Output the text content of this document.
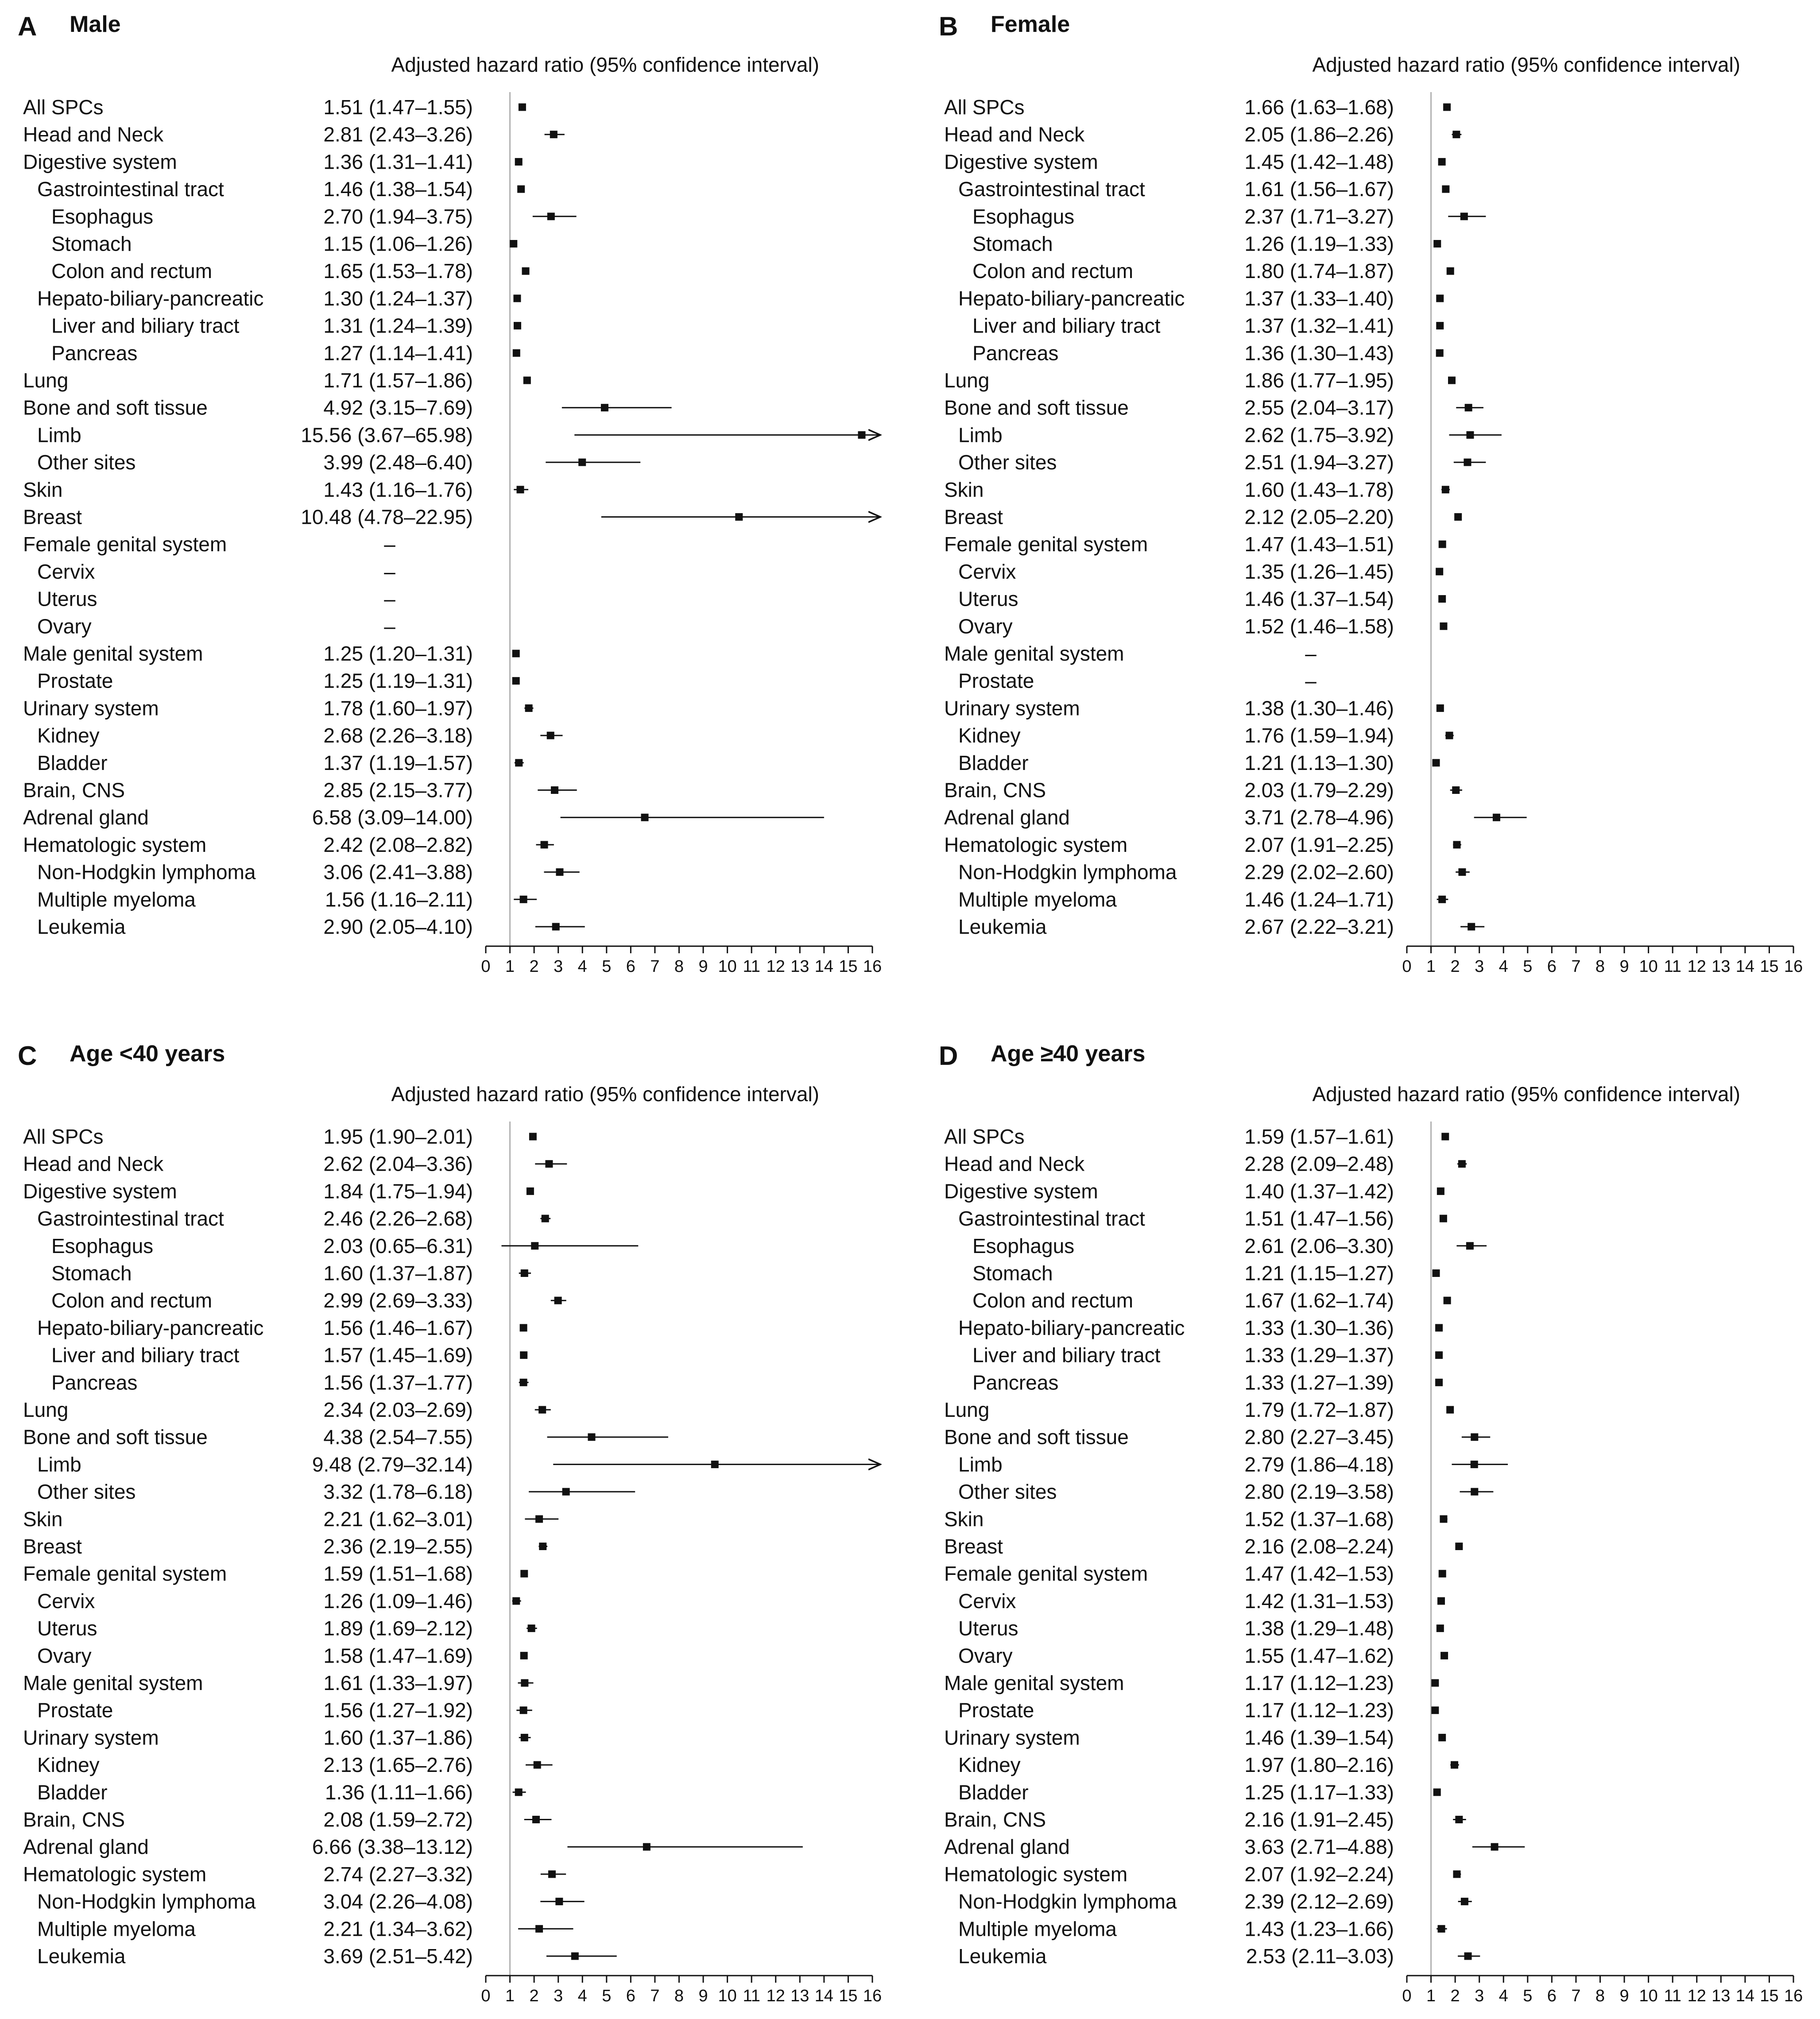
A Male
Adjusted hazard ratio (95% confidence interval)
All SPCs	1.51 (1.47–1.55)
Head and Neck	2.81 (2.43–3.26)
Digestive system	1.36 (1.31–1.41)
Gastrointestinal tract	1.46 (1.38–1.54)
Esophagus	2.70 (1.94–3.75)
Stomach	1.15 (1.06–1.26)
Colon and rectum	1.65 (1.53–1.78)
Hepato-biliary-pancreatic	1.30 (1.24–1.37)
Liver and biliary tract	1.31 (1.24–1.39)
Pancreas	1.27 (1.14–1.41)
Lung	1.71 (1.57–1.86)
Bone and soft tissue	4.92 (3.15–7.69)
Limb	15.56 (3.67–65.98)
Other sites	3.99 (2.48–6.40)
Skin	1.43 (1.16–1.76)
Breast	10.48 (4.78–22.95)
Female genital system	–
Cervix	–
Uterus	–
Ovary	–
Male genital system	1.25 (1.20–1.31)
Prostate	1.25 (1.19–1.31)
Urinary system	1.78 (1.60–1.97)
Kidney	2.68 (2.26–3.18)
Bladder	1.37 (1.19–1.57)
Brain, CNS	2.85 (2.15–3.77)
Adrenal gland	6.58 (3.09–14.00)
Hematologic system	2.42 (2.08–2.82)
Non-Hodgkin lymphoma	3.06 (2.41–3.88)
Multiple myeloma	1.56 (1.16–2.11)
Leukemia	2.90 (2.05–4.10)
0 1 2 3 4 5 6 7 8 9 10 11 12 13 14 15 16
B Female
Adjusted hazard ratio (95% confidence interval)
All SPCs	1.66 (1.63–1.68)
Head and Neck	2.05 (1.86–2.26)
Digestive system	1.45 (1.42–1.48)
Gastrointestinal tract	1.61 (1.56–1.67)
Esophagus	2.37 (1.71–3.27)
Stomach	1.26 (1.19–1.33)
Colon and rectum	1.80 (1.74–1.87)
Hepato-biliary-pancreatic	1.37 (1.33–1.40)
Liver and biliary tract	1.37 (1.32–1.41)
Pancreas	1.36 (1.30–1.43)
Lung	1.86 (1.77–1.95)
Bone and soft tissue	2.55 (2.04–3.17)
Limb	2.62 (1.75–3.92)
Other sites	2.51 (1.94–3.27)
Skin	1.60 (1.43–1.78)
Breast	2.12 (2.05–2.20)
Female genital system	1.47 (1.43–1.51)
Cervix	1.35 (1.26–1.45)
Uterus	1.46 (1.37–1.54)
Ovary	1.52 (1.46–1.58)
Male genital system	–
Prostate	–
Urinary system	1.38 (1.30–1.46)
Kidney	1.76 (1.59–1.94)
Bladder	1.21 (1.13–1.30)
Brain, CNS	2.03 (1.79–2.29)
Adrenal gland	3.71 (2.78–4.96)
Hematologic system	2.07 (1.91–2.25)
Non-Hodgkin lymphoma	2.29 (2.02–2.60)
Multiple myeloma	1.46 (1.24–1.71)
Leukemia	2.67 (2.22–3.21)
0 1 2 3 4 5 6 7 8 9 10 11 12 13 14 15 16
C Age <40 years
Adjusted hazard ratio (95% confidence interval)
All SPCs	1.95 (1.90–2.01)
Head and Neck	2.62 (2.04–3.36)
Digestive system	1.84 (1.75–1.94)
Gastrointestinal tract	2.46 (2.26–2.68)
Esophagus	2.03 (0.65–6.31)
Stomach	1.60 (1.37–1.87)
Colon and rectum	2.99 (2.69–3.33)
Hepato-biliary-pancreatic	1.56 (1.46–1.67)
Liver and biliary tract	1.57 (1.45–1.69)
Pancreas	1.56 (1.37–1.77)
Lung	2.34 (2.03–2.69)
Bone and soft tissue	4.38 (2.54–7.55)
Limb	9.48 (2.79–32.14)
Other sites	3.32 (1.78–6.18)
Skin	2.21 (1.62–3.01)
Breast	2.36 (2.19–2.55)
Female genital system	1.59 (1.51–1.68)
Cervix	1.26 (1.09–1.46)
Uterus	1.89 (1.69–2.12)
Ovary	1.58 (1.47–1.69)
Male genital system	1.61 (1.33–1.97)
Prostate	1.56 (1.27–1.92)
Urinary system	1.60 (1.37–1.86)
Kidney	2.13 (1.65–2.76)
Bladder	1.36 (1.11–1.66)
Brain, CNS	2.08 (1.59–2.72)
Adrenal gland	6.66 (3.38–13.12)
Hematologic system	2.74 (2.27–3.32)
Non-Hodgkin lymphoma	3.04 (2.26–4.08)
Multiple myeloma	2.21 (1.34–3.62)
Leukemia	3.69 (2.51–5.42)
0 1 2 3 4 5 6 7 8 9 10 11 12 13 14 15 16
D Age ≥40 years
Adjusted hazard ratio (95% confidence interval)
All SPCs	1.59 (1.57–1.61)
Head and Neck	2.28 (2.09–2.48)
Digestive system	1.40 (1.37–1.42)
Gastrointestinal tract	1.51 (1.47–1.56)
Esophagus	2.61 (2.06–3.30)
Stomach	1.21 (1.15–1.27)
Colon and rectum	1.67 (1.62–1.74)
Hepato-biliary-pancreatic	1.33 (1.30–1.36)
Liver and biliary tract	1.33 (1.29–1.37)
Pancreas	1.33 (1.27–1.39)
Lung	1.79 (1.72–1.87)
Bone and soft tissue	2.80 (2.27–3.45)
Limb	2.79 (1.86–4.18)
Other sites	2.80 (2.19–3.58)
Skin	1.52 (1.37–1.68)
Breast	2.16 (2.08–2.24)
Female genital system	1.47 (1.42–1.53)
Cervix	1.42 (1.31–1.53)
Uterus	1.38 (1.29–1.48)
Ovary	1.55 (1.47–1.62)
Male genital system	1.17 (1.12–1.23)
Prostate	1.17 (1.12–1.23)
Urinary system	1.46 (1.39–1.54)
Kidney	1.97 (1.80–2.16)
Bladder	1.25 (1.17–1.33)
Brain, CNS	2.16 (1.91–2.45)
Adrenal gland	3.63 (2.71–4.88)
Hematologic system	2.07 (1.92–2.24)
Non-Hodgkin lymphoma	2.39 (2.12–2.69)
Multiple myeloma	1.43 (1.23–1.66)
Leukemia	2.53 (2.11–3.03)
0 1 2 3 4 5 6 7 8 9 10 11 12 13 14 15 16
